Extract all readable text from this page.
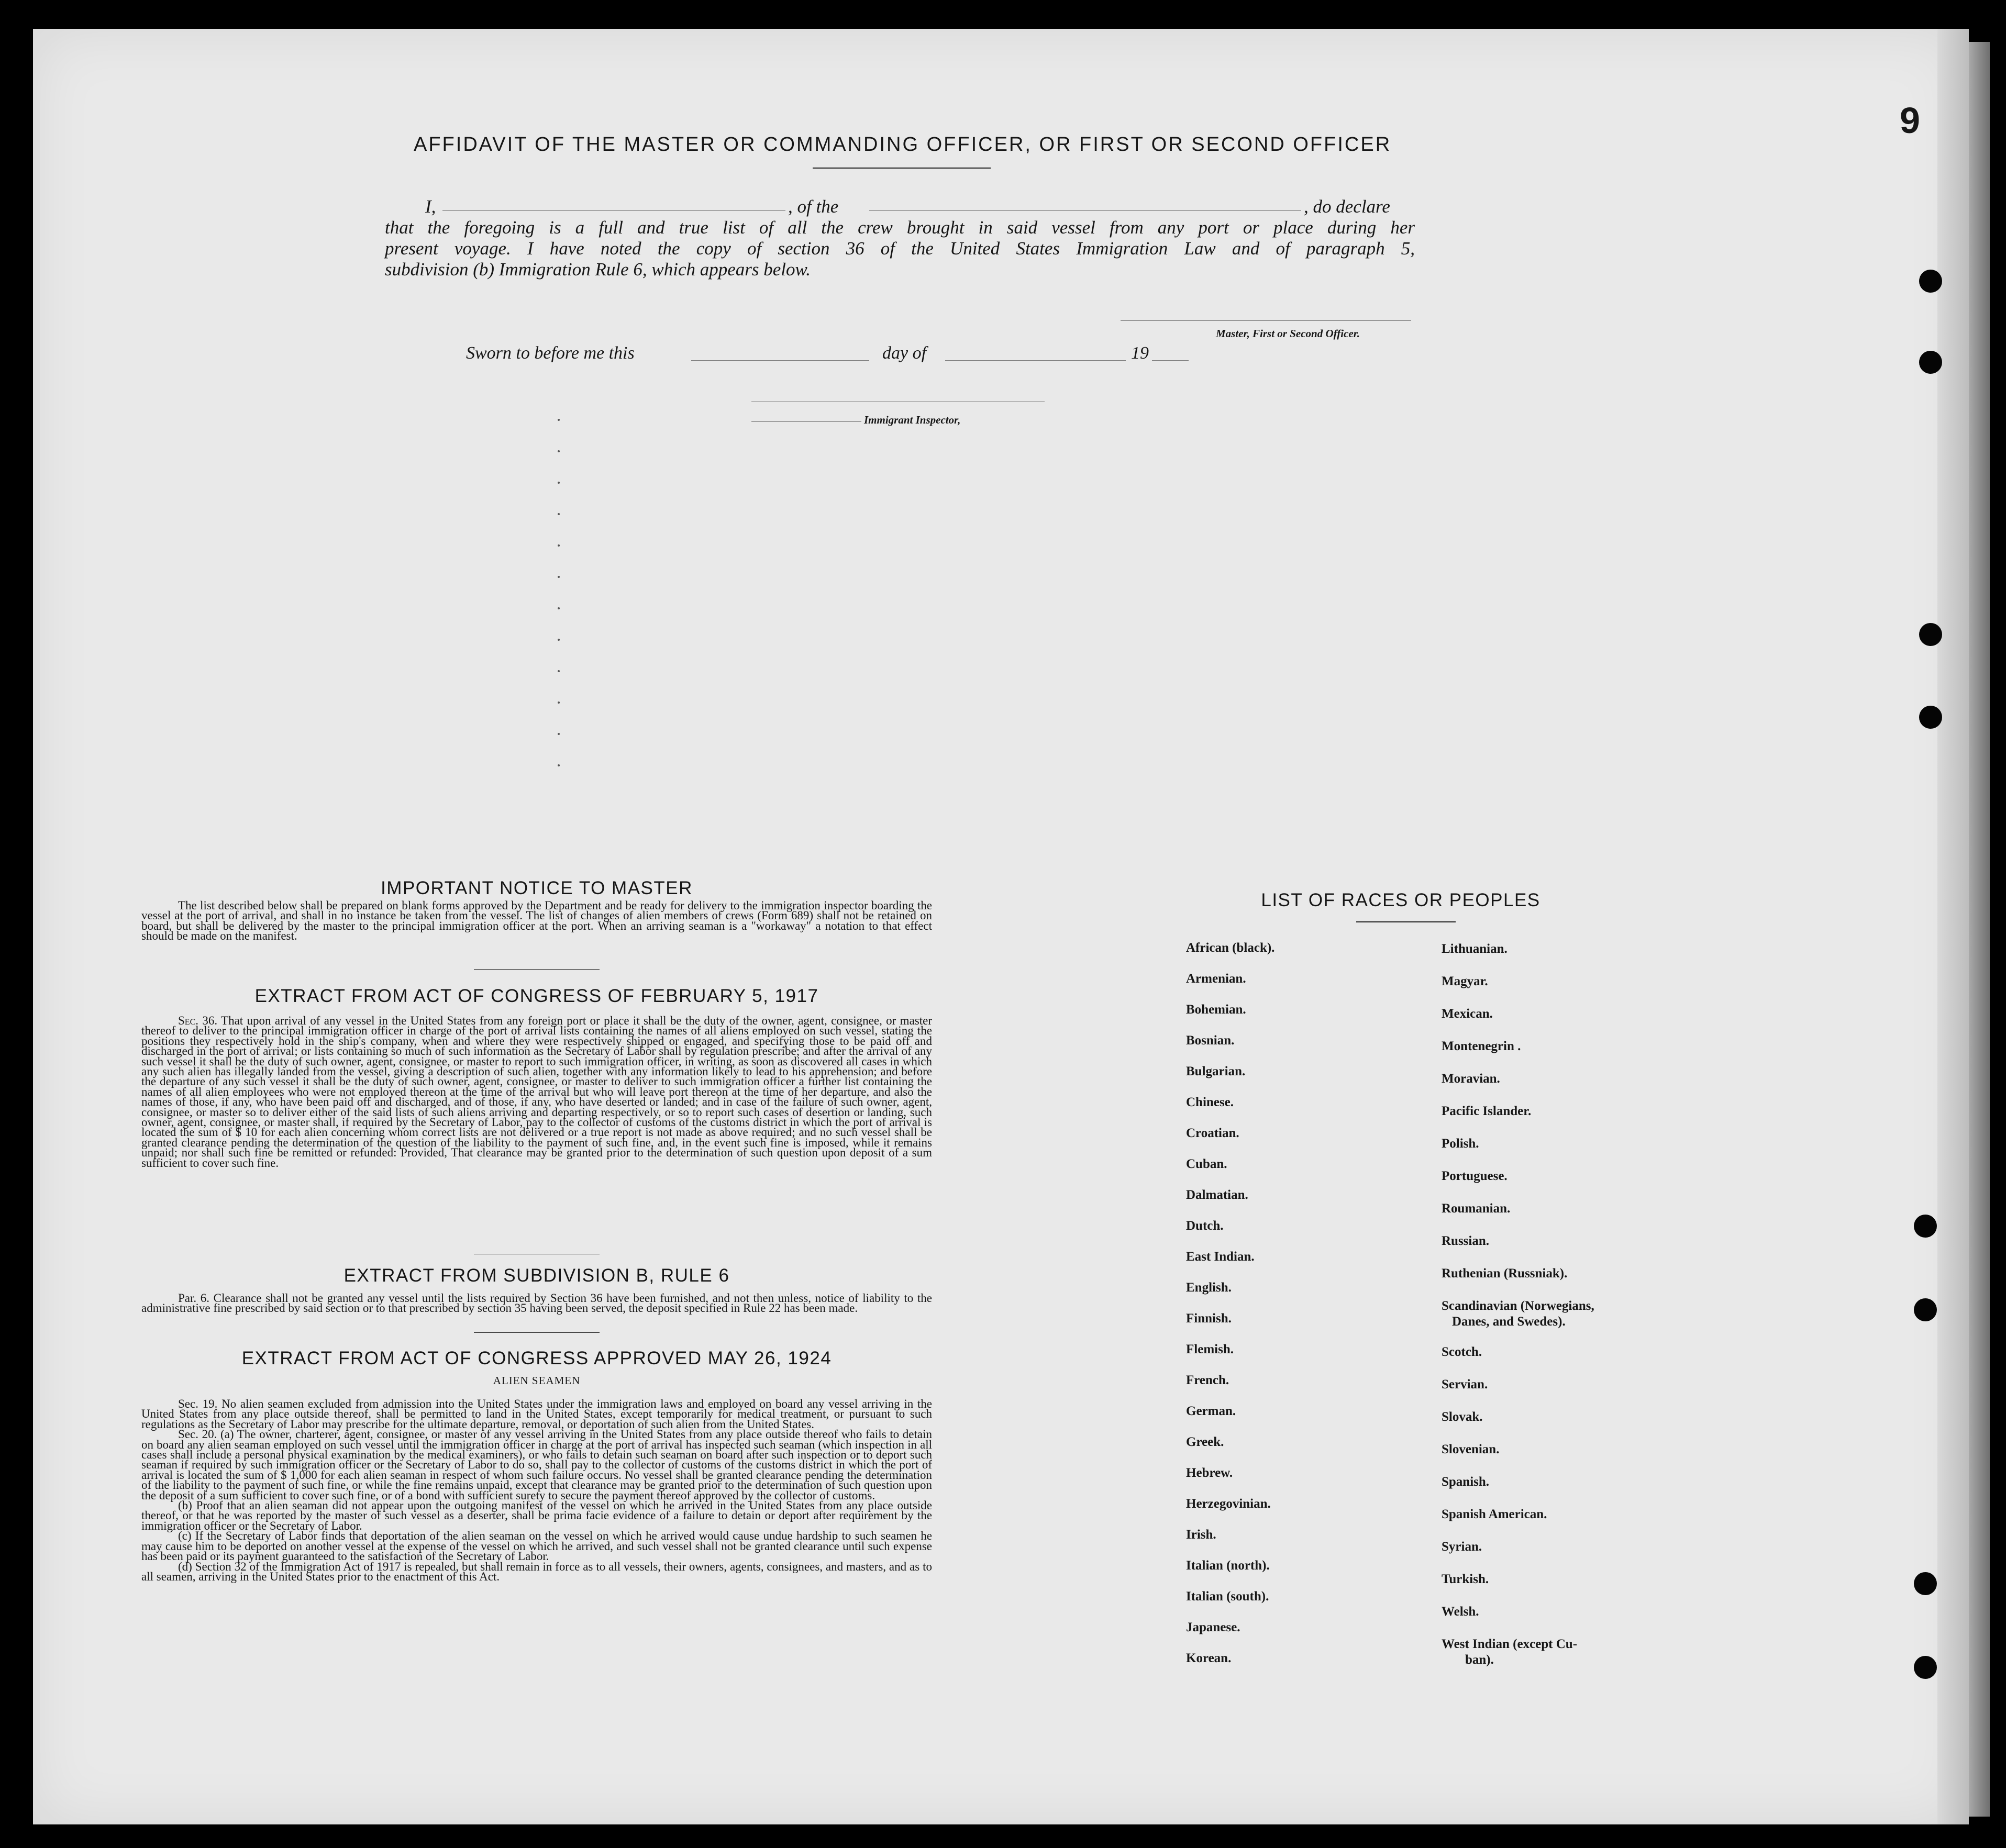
9
AFFIDAVIT OF THE MASTER OR COMMANDING OFFICER, OR FIRST OR SECOND OFFICER
I,	, of the	, do declare
that the foregoing is a full and true list of all the crew brought in said vessel from any port or place during her
present voyage. I have noted the copy of section 36 of the United States Immigration Law and of paragraph 5,
subdivision (b) Immigration Rule 6, which appears below.
Master, First or Second Officer.
Sworn to before me this	day of	19
Immigrant Inspector,
IMPORTANT NOTICE TO MASTER

The list described below shall be prepared on blank forms approved by the Department and be ready for delivery to the immigration inspector boarding the vessel at the port of arrival, and shall in no instance be taken from the vessel. The list of changes of alien members of crews (Form 689) shall not be retained on board, but shall be delivered by the master to the principal immigration officer at the port. When an arriving seaman is a "workaway" a notation to that effect should be made on the manifest.

EXTRACT FROM ACT OF CONGRESS OF FEBRUARY 5, 1917

Sec. 36. That upon arrival of any vessel in the United States from any foreign port or place it shall be the duty of the owner, agent, consignee, or master thereof to deliver to the principal immigration officer in charge of the port of arrival lists containing the names of all aliens employed on such vessel, stating the positions they respectively hold in the ship's company, when and where they were respectively shipped or engaged, and specifying those to be paid off and discharged in the port of arrival; or lists containing so much of such information as the Secretary of Labor shall by regulation prescribe; and after the arrival of any such vessel it shall be the duty of such owner, agent, consignee, or master to report to such immigration officer, in writing, as soon as discovered all cases in which any such alien has illegally landed from the vessel, giving a description of such alien, together with any information likely to lead to his apprehension; and before the departure of any such vessel it shall be the duty of such owner, agent, consignee, or master to deliver to such immigration officer a further list containing the names of all alien employees who were not employed thereon at the time of the arrival but who will leave port thereon at the time of her departure, and also the names of those, if any, who have been paid off and discharged, and of those, if any, who have deserted or landed; and in case of the failure of such owner, agent, consignee, or master so to deliver either of the said lists of such aliens arriving and departing respectively, or so to report such cases of desertion or landing, such owner, agent, consignee, or master shall, if required by the Secretary of Labor, pay to the collector of customs of the customs district in which the port of arrival is located the sum of $ 10 for each alien concerning whom correct lists are not delivered or a true report is not made as above required; and no such vessel shall be granted clearance pending the determination of the question of the liability to the payment of such fine, and, in the event such fine is imposed, while it remains unpaid; nor shall such fine be remitted or refunded: Provided, That clearance may be granted prior to the determination of such question upon deposit of a sum sufficient to cover such fine.

EXTRACT FROM SUBDIVISION B, RULE 6

Par. 6. Clearance shall not be granted any vessel until the lists required by Section 36 have been furnished, and not then unless, notice of liability to the administrative fine prescribed by said section or to that prescribed by section 35 having been served, the deposit specified in Rule 22 has been made.

EXTRACT FROM ACT OF CONGRESS APPROVED MAY 26, 1924
ALIEN SEAMEN

Sec. 19. No alien seamen excluded from admission into the United States under the immigration laws and employed on board any vessel arriving in the United States from any place outside thereof, shall be permitted to land in the United States, except temporarily for medical treatment, or pursuant to such regulations as the Secretary of Labor may prescribe for the ultimate departure, removal, or deportation of such alien from the United States.

Sec. 20. (a) The owner, charterer, agent, consignee, or master of any vessel arriving in the United States from any place outside thereof who fails to detain on board any alien seaman employed on such vessel until the immigration officer in charge at the port of arrival has inspected such seaman (which inspection in all cases shall include a personal physical examination by the medical examiners), or who fails to detain such seaman on board after such inspection or to deport such seaman if required by such immigration officer or the Secretary of Labor to do so, shall pay to the collector of customs of the customs district in which the port of arrival is located the sum of $ 1,000 for each alien seaman in respect of whom such failure occurs. No vessel shall be granted clearance pending the determination of the liability to the payment of such fine, or while the fine remains unpaid, except that clearance may be granted prior to the determination of such question upon the deposit of a sum sufficient to cover such fine, or of a bond with sufficient surety to secure the payment thereof approved by the collector of customs.

(b) Proof that an alien seaman did not appear upon the outgoing manifest of the vessel on which he arrived in the United States from any place outside thereof, or that he was reported by the master of such vessel as a deserter, shall be prima facie evidence of a failure to detain or deport after requirement by the immigration officer or the Secretary of Labor.

(c) If the Secretary of Labor finds that deportation of the alien seaman on the vessel on which he arrived would cause undue hardship to such seamen he may cause him to be deported on another vessel at the expense of the vessel on which he arrived, and such vessel shall not be granted clearance until such expense has been paid or its payment guaranteed to the satisfaction of the Secretary of Labor.

(d) Section 32 of the Immigration Act of 1917 is repealed, but shall remain in force as to all vessels, their owners, agents, consignees, and masters, and as to all seamen, arriving in the United States prior to the enactment of this Act.

LIST OF RACES OR PEOPLES
African (black).
Armenian.
Bohemian.
Bosnian.
Bulgarian.
Chinese.
Croatian.
Cuban.
Dalmatian.
Dutch.
East Indian.
English.
Finnish.
Flemish.
French.
German.
Greek.
Hebrew.
Herzegovinian.
Irish.
Italian (north).
Italian (south).
Japanese.
Korean.
Lithuanian.
Magyar.
Mexican.
Montenegrin .
Moravian.
Pacific Islander.
Polish.
Portuguese.
Roumanian.
Russian.
Ruthenian (Russniak).
Scandinavian (Norwegians,
Danes, and Swedes).
Scotch.
Servian.
Slovak.
Slovenian.
Spanish.
Spanish American.
Syrian.
Turkish.
Welsh.
West Indian (except Cu-
ban).
